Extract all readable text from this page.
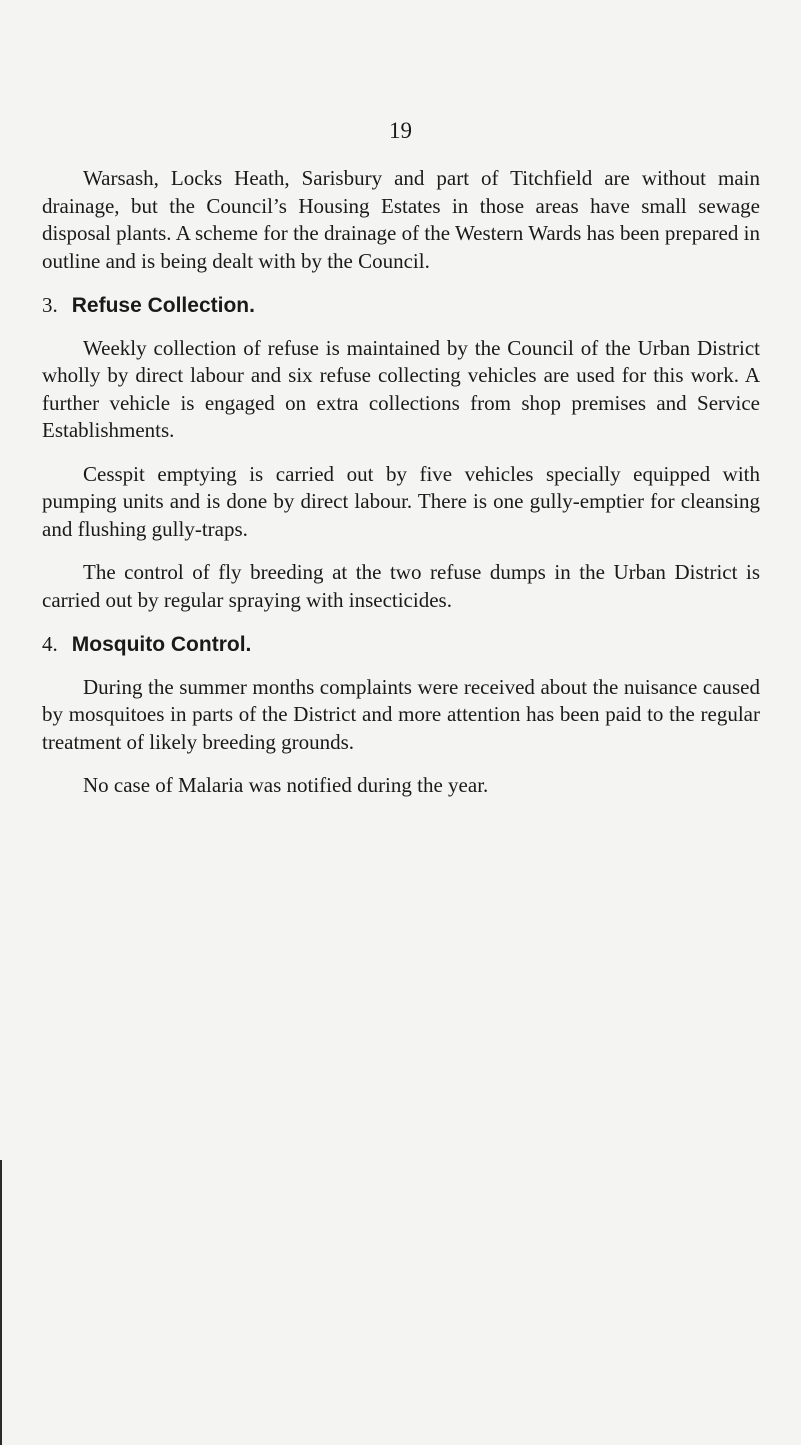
19

Warsash, Locks Heath, Sarisbury and part of Titchfield are without main drainage, but the Council’s Housing Estates in those areas have small sewage disposal plants. A scheme for the drainage of the Western Wards has been prepared in outline and is being dealt with by the Council.

3. Refuse Collection.

Weekly collection of refuse is maintained by the Council of the Urban District wholly by direct labour and six refuse collecting vehicles are used for this work. A further vehicle is engaged on extra collections from shop premises and Service Establishments.

Cesspit emptying is carried out by five vehicles specially equipped with pumping units and is done by direct labour. There is one gully-emptier for cleansing and flushing gully-traps.

The control of fly breeding at the two refuse dumps in the Urban District is carried out by regular spraying with insecticides.

4. Mosquito Control.

During the summer months complaints were received about the nuisance caused by mosquitoes in parts of the District and more attention has been paid to the regular treatment of likely breeding grounds.

No case of Malaria was notified during the year.
